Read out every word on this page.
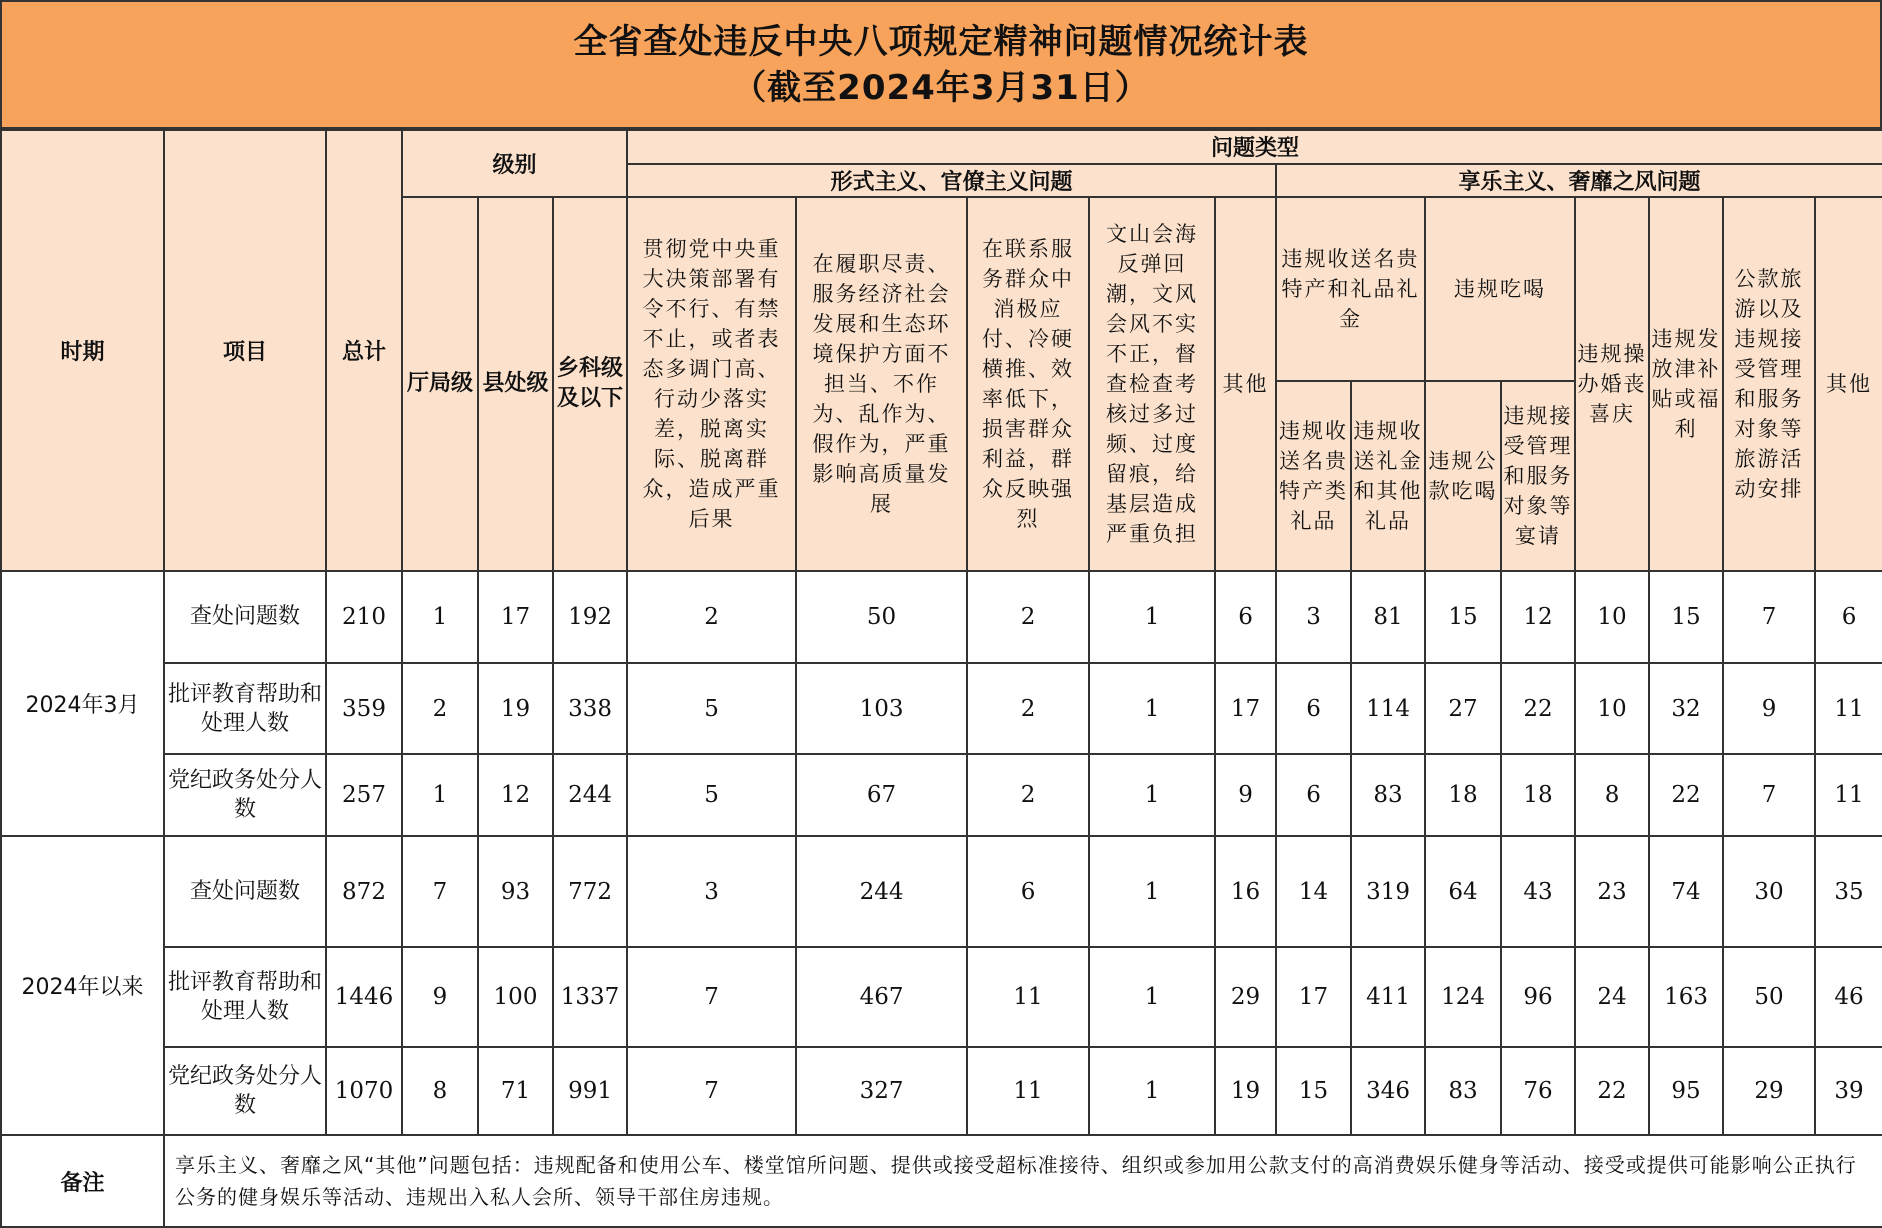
全省查处违反中央八项规定精神问题情况统计表
（截至2024年3月31日）
时期	项目	总计	级别			问题类型												
						形式主义、官僚主义问题					享乐主义、奢靡之风问题							
			厅局级	县处级	乡科级及以下	贯彻党中央重大决策部署有令不行、有禁不止，或者表态多调门高、行动少落实差，脱离实际、脱离群众，造成严重后果	在履职尽责、服务经济社会发展和生态环境保护方面不担当、不作为、乱作为、假作为，严重影响高质量发展	在联系服务群众中消极应付、冷硬横推、效率低下，损害群众利益，群众反映强烈	文山会海反弹回潮，文风会风不实不正，督查检查考核过多过频、过度留痕，给基层造成严重负担	其他	违规收送名贵特产和礼品礼金		违规吃喝		违规操办婚丧喜庆	违规发放津补贴或福利	公款旅游以及违规接受管理和服务对象等旅游活动安排	其他
											违规收送名贵特产类礼品	违规收送礼金和其他礼品	违规公款吃喝	违规接受管理和服务对象等宴请				
2024年3月	查处问题数	210	1	17	192	2	50	2	1	6	3	81	15	12	10	15	7	6
	批评教育帮助和处理人数	359	2	19	338	5	103	2	1	17	6	114	27	22	10	32	9	11
	党纪政务处分人数	257	1	12	244	5	67	2	1	9	6	83	18	18	8	22	7	11
2024年以来	查处问题数	872	7	93	772	3	244	6	1	16	14	319	64	43	23	74	30	35
	批评教育帮助和处理人数	1446	9	100	1337	7	467	11	1	29	17	411	124	96	24	163	50	46
	党纪政务处分人数	1070	8	71	991	7	327	11	1	19	15	346	83	76	22	95	29	39
备注	享乐主义、奢靡之风“其他”问题包括：违规配备和使用公车、楼堂馆所问题、提供或接受超标准接待、组织或参加用公款支付的高消费娱乐健身等活动、接受或提供可能影响公正执行公务的健身娱乐等活动、违规出入私人会所、领导干部住房违规。																	
